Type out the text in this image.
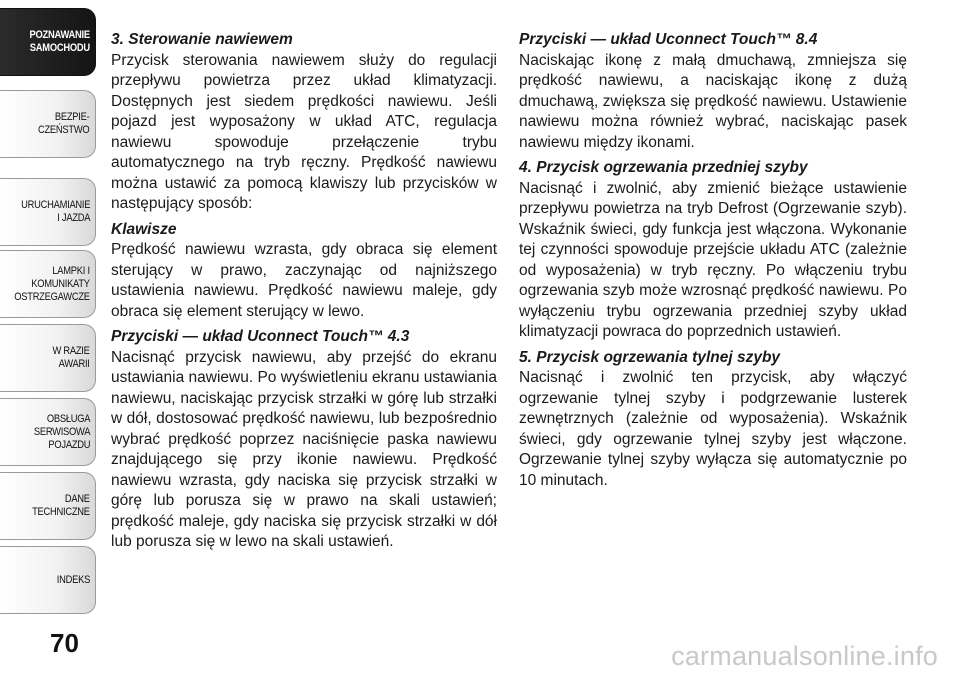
POZNAWANIE
SAMOCHODU
BEZPIE-
CZEŃSTWO
URUCHAMIANIE
I JAZDA
LAMPKI I
KOMUNIKATY
OSTRZEGAWCZE
W RAZIE
AWARII
OBSŁUGA
SERWISOWA
POJAZDU
DANE
TECHNICZNE
INDEKS
70
3. Sterowanie nawiewem

Przycisk sterowania nawiewem służy do regulacji przepływu powietrza przez układ klimatyzacji. Dostępnych jest siedem prędkości nawiewu. Jeśli pojazd jest wyposażony w układ ATC, regulacja nawiewu spowoduje przełączenie trybu automatycznego na tryb ręczny. Prędkość nawiewu można ustawić za pomocą klawiszy lub przycisków w następujący sposób:

Klawisze

Prędkość nawiewu wzrasta, gdy obraca się element sterujący w prawo, zaczynając od najniższego ustawienia nawiewu. Prędkość nawiewu maleje, gdy obraca się element sterujący w lewo.

Przyciski — układ Uconnect Touch™ 4.3

Nacisnąć przycisk nawiewu, aby przejść do ekranu ustawiania nawiewu. Po wyświetleniu ekranu ustawiania nawiewu, naciskając przycisk strzałki w górę lub strzałki w dół, dostosować prędkość nawiewu, lub bezpośrednio wybrać prędkość poprzez naciśnięcie paska nawiewu znajdującego się przy ikonie nawiewu. Prędkość nawiewu wzrasta, gdy naciska się przycisk strzałki w górę lub porusza się w prawo na skali ustawień; prędkość maleje, gdy naciska się przycisk strzałki w dół lub porusza się w lewo na skali ustawień.

Przyciski — układ Uconnect Touch™ 8.4

Naciskając ikonę z małą dmuchawą, zmniejsza się prędkość nawiewu, a naciskając ikonę z dużą dmuchawą, zwiększa się prędkość nawiewu. Ustawienie nawiewu można również wybrać, naciskając pasek nawiewu między ikonami.

4. Przycisk ogrzewania przedniej szyby

Nacisnąć i zwolnić, aby zmienić bieżące ustawienie przepływu powietrza na tryb Defrost (Ogrzewanie szyb). Wskaźnik świeci, gdy funkcja jest włączona. Wykonanie tej czynności spowoduje przejście układu ATC (zależnie od wyposażenia) w tryb ręczny. Po włączeniu trybu ogrzewania szyb może wzrosnąć prędkość nawiewu. Po wyłączeniu trybu ogrzewania przedniej szyby układ klimatyzacji powraca do poprzednich ustawień.

5. Przycisk ogrzewania tylnej szyby

Nacisnąć i zwolnić ten przycisk, aby włączyć ogrzewanie tylnej szyby i podgrzewanie lusterek zewnętrznych (zależnie od wyposażenia). Wskaźnik świeci, gdy ogrzewanie tylnej szyby jest włączone. Ogrzewanie tylnej szyby wyłącza się automatycznie po 10 minutach.

carmanualsonline.info
